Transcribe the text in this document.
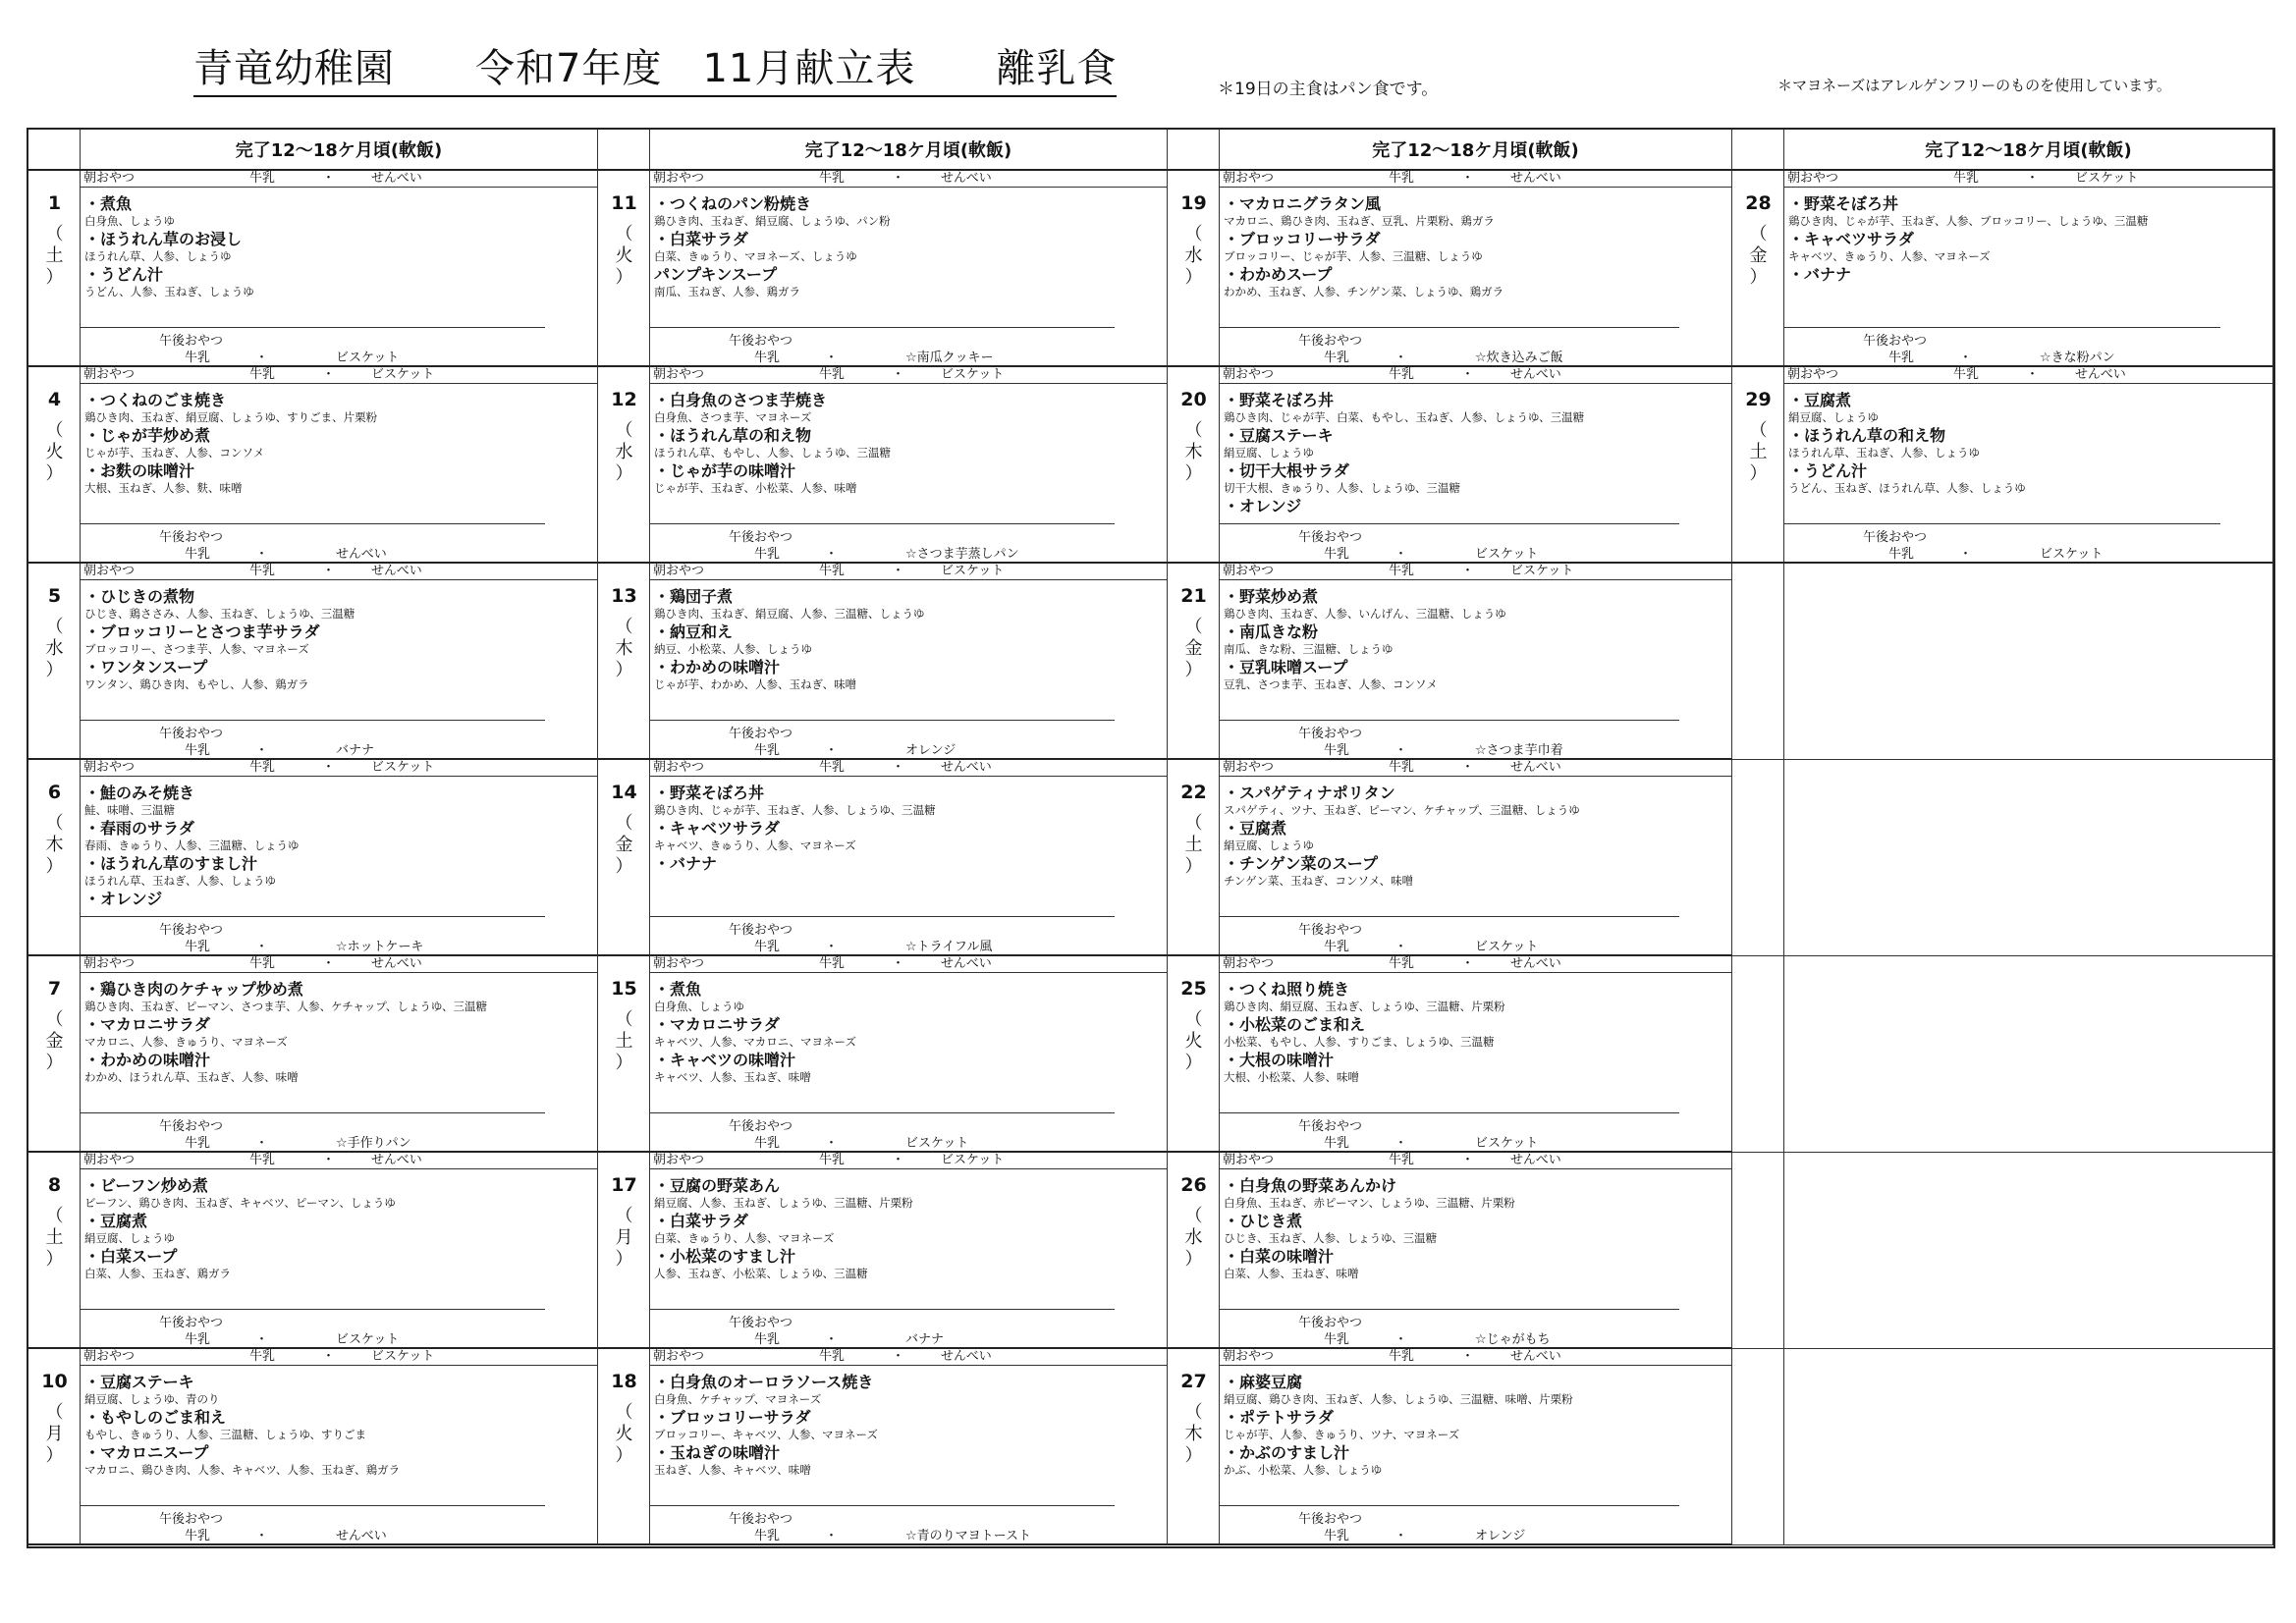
青竜幼稚園　　令和7年度　11月献立表　　離乳食	＊19日の主食はパン食です。	＊マヨネーズはアレルゲンフリーのものを使用しています。
完了12～18ケ月頃(軟飯)
1
（
土
）
朝おやつ	牛乳	・	せんべい
・煮魚
白身魚、しょうゆ
・ほうれん草のお浸し
ほうれん草、人参、しょうゆ
・うどん汁
うどん、人参、玉ねぎ、しょうゆ
午後おやつ
牛乳	・	ビスケット
4
（
火
）
朝おやつ	牛乳	・	ビスケット
・つくねのごま焼き
鶏ひき肉、玉ねぎ、絹豆腐、しょうゆ、すりごま、片栗粉
・じゃが芋炒め煮
じゃが芋、玉ねぎ、人参、コンソメ
・お麩の味噌汁
大根、玉ねぎ、人参、麩、味噌
午後おやつ
牛乳	・	せんべい
5
（
水
）
朝おやつ	牛乳	・	せんべい
・ひじきの煮物
ひじき、鶏ささみ、人参、玉ねぎ、しょうゆ、三温糖
・ブロッコリーとさつま芋サラダ
ブロッコリー、さつま芋、人参、マヨネーズ
・ワンタンスープ
ワンタン、鶏ひき肉、もやし、人参、鶏ガラ
午後おやつ
牛乳	・	バナナ
6
（
木
）
朝おやつ	牛乳	・	ビスケット
・鮭のみそ焼き
鮭、味噌、三温糖
・春雨のサラダ
春雨、きゅうり、人参、三温糖、しょうゆ
・ほうれん草のすまし汁
ほうれん草、玉ねぎ、人参、しょうゆ
・オレンジ
午後おやつ
牛乳	・	☆ホットケーキ
7
（
金
）
朝おやつ	牛乳	・	せんべい
・鶏ひき肉のケチャップ炒め煮
鶏ひき肉、玉ねぎ、ピーマン、さつま芋、人参、ケチャップ、しょうゆ、三温糖
・マカロニサラダ
マカロニ、人参、きゅうり、マヨネーズ
・わかめの味噌汁
わかめ、ほうれん草、玉ねぎ、人参、味噌
午後おやつ
牛乳	・	☆手作りパン
8
（
土
）
朝おやつ	牛乳	・	せんべい
・ビーフン炒め煮
ビーフン、鶏ひき肉、玉ねぎ、キャベツ、ピーマン、しょうゆ
・豆腐煮
絹豆腐、しょうゆ
・白菜スープ
白菜、人参、玉ねぎ、鶏ガラ
午後おやつ
牛乳	・	ビスケット
10
（
月
）
朝おやつ	牛乳	・	ビスケット
・豆腐ステーキ
絹豆腐、しょうゆ、青のり
・もやしのごま和え
もやし、きゅうり、人参、三温糖、しょうゆ、すりごま
・マカロニスープ
マカロニ、鶏ひき肉、人参、キャベツ、人参、玉ねぎ、鶏ガラ
午後おやつ
牛乳	・	せんべい
完了12～18ケ月頃(軟飯)
11
（
火
）
朝おやつ	牛乳	・	せんべい
・つくねのパン粉焼き
鶏ひき肉、玉ねぎ、絹豆腐、しょうゆ、パン粉
・白菜サラダ
白菜、きゅうり、マヨネーズ、しょうゆ
パンプキンスープ
南瓜、玉ねぎ、人参、鶏ガラ
午後おやつ
牛乳	・	☆南瓜クッキー
12
（
水
）
朝おやつ	牛乳	・	ビスケット
・白身魚のさつま芋焼き
白身魚、さつま芋、マヨネーズ
・ほうれん草の和え物
ほうれん草、もやし、人参、しょうゆ、三温糖
・じゃが芋の味噌汁
じゃが芋、玉ねぎ、小松菜、人参、味噌
午後おやつ
牛乳	・	☆さつま芋蒸しパン
13
（
木
）
朝おやつ	牛乳	・	ビスケット
・鶏団子煮
鶏ひき肉、玉ねぎ、絹豆腐、人参、三温糖、しょうゆ
・納豆和え
納豆、小松菜、人参、しょうゆ
・わかめの味噌汁
じゃが芋、わかめ、人参、玉ねぎ、味噌
午後おやつ
牛乳	・	オレンジ
14
（
金
）
朝おやつ	牛乳	・	せんべい
・野菜そぼろ丼
鶏ひき肉、じゃが芋、玉ねぎ、人参、しょうゆ、三温糖
・キャベツサラダ
キャベツ、きゅうり、人参、マヨネーズ
・バナナ
午後おやつ
牛乳	・	☆トライフル風
15
（
土
）
朝おやつ	牛乳	・	せんべい
・煮魚
白身魚、しょうゆ
・マカロニサラダ
キャベツ、人参、マカロニ、マヨネーズ
・キャベツの味噌汁
キャベツ、人参、玉ねぎ、味噌
午後おやつ
牛乳	・	ビスケット
17
（
月
）
朝おやつ	牛乳	・	ビスケット
・豆腐の野菜あん
絹豆腐、人参、玉ねぎ、しょうゆ、三温糖、片栗粉
・白菜サラダ
白菜、きゅうり、人参、マヨネーズ
・小松菜のすまし汁
人参、玉ねぎ、小松菜、しょうゆ、三温糖
午後おやつ
牛乳	・	バナナ
18
（
火
）
朝おやつ	牛乳	・	せんべい
・白身魚のオーロラソース焼き
白身魚、ケチャップ、マヨネーズ
・ブロッコリーサラダ
ブロッコリー、キャベツ、人参、マヨネーズ
・玉ねぎの味噌汁
玉ねぎ、人参、キャベツ、味噌
午後おやつ
牛乳	・	☆青のりマヨトースト
完了12～18ケ月頃(軟飯)
19
（
水
）
朝おやつ	牛乳	・	せんべい
・マカロニグラタン風
マカロニ、鶏ひき肉、玉ねぎ、豆乳、片栗粉、鶏ガラ
・ブロッコリーサラダ
ブロッコリー、じゃが芋、人参、三温糖、しょうゆ
・わかめスープ
わかめ、玉ねぎ、人参、チンゲン菜、しょうゆ、鶏ガラ
午後おやつ
牛乳	・	☆炊き込みご飯
20
（
木
）
朝おやつ	牛乳	・	せんべい
・野菜そぼろ丼
鶏ひき肉、じゃが芋、白菜、もやし、玉ねぎ、人参、しょうゆ、三温糖
・豆腐ステーキ
絹豆腐、しょうゆ
・切干大根サラダ
切干大根、きゅうり、人参、しょうゆ、三温糖
・オレンジ
午後おやつ
牛乳	・	ビスケット
21
（
金
）
朝おやつ	牛乳	・	ビスケット
・野菜炒め煮
鶏ひき肉、玉ねぎ、人参、いんげん、三温糖、しょうゆ
・南瓜きな粉
南瓜、きな粉、三温糖、しょうゆ
・豆乳味噌スープ
豆乳、さつま芋、玉ねぎ、人参、コンソメ
午後おやつ
牛乳	・	☆さつま芋巾着
22
（
土
）
朝おやつ	牛乳	・	せんべい
・スパゲティナポリタン
スパゲティ、ツナ、玉ねぎ、ピーマン、ケチャップ、三温糖、しょうゆ
・豆腐煮
絹豆腐、しょうゆ
・チンゲン菜のスープ
チンゲン菜、玉ねぎ、コンソメ、味噌
午後おやつ
牛乳	・	ビスケット
25
（
火
）
朝おやつ	牛乳	・	せんべい
・つくね照り焼き
鶏ひき肉、絹豆腐、玉ねぎ、しょうゆ、三温糖、片栗粉
・小松菜のごま和え
小松菜、もやし、人参、すりごま、しょうゆ、三温糖
・大根の味噌汁
大根、小松菜、人参、味噌
午後おやつ
牛乳	・	ビスケット
26
（
水
）
朝おやつ	牛乳	・	せんべい
・白身魚の野菜あんかけ
白身魚、玉ねぎ、赤ピーマン、しょうゆ、三温糖、片栗粉
・ひじき煮
ひじき、玉ねぎ、人参、しょうゆ、三温糖
・白菜の味噌汁
白菜、人参、玉ねぎ、味噌
午後おやつ
牛乳	・	☆じゃがもち
27
（
木
）
朝おやつ	牛乳	・	せんべい
・麻婆豆腐
絹豆腐、鶏ひき肉、玉ねぎ、人参、しょうゆ、三温糖、味噌、片栗粉
・ポテトサラダ
じゃが芋、人参、きゅうり、ツナ、マヨネーズ
・かぶのすまし汁
かぶ、小松菜、人参、しょうゆ
午後おやつ
牛乳	・	オレンジ
完了12～18ケ月頃(軟飯)
28
（
金
）
朝おやつ	牛乳	・	ビスケット
・野菜そぼろ丼
鶏ひき肉、じゃが芋、玉ねぎ、人参、ブロッコリー、しょうゆ、三温糖
・キャベツサラダ
キャベツ、きゅうり、人参、マヨネーズ
・バナナ
午後おやつ
牛乳	・	☆きな粉パン
29
（
土
）
朝おやつ	牛乳	・	せんべい
・豆腐煮
絹豆腐、しょうゆ
・ほうれん草の和え物
ほうれん草、玉ねぎ、人参、しょうゆ
・うどん汁
うどん、玉ねぎ、ほうれん草、人参、しょうゆ
午後おやつ
牛乳	・	ビスケット
